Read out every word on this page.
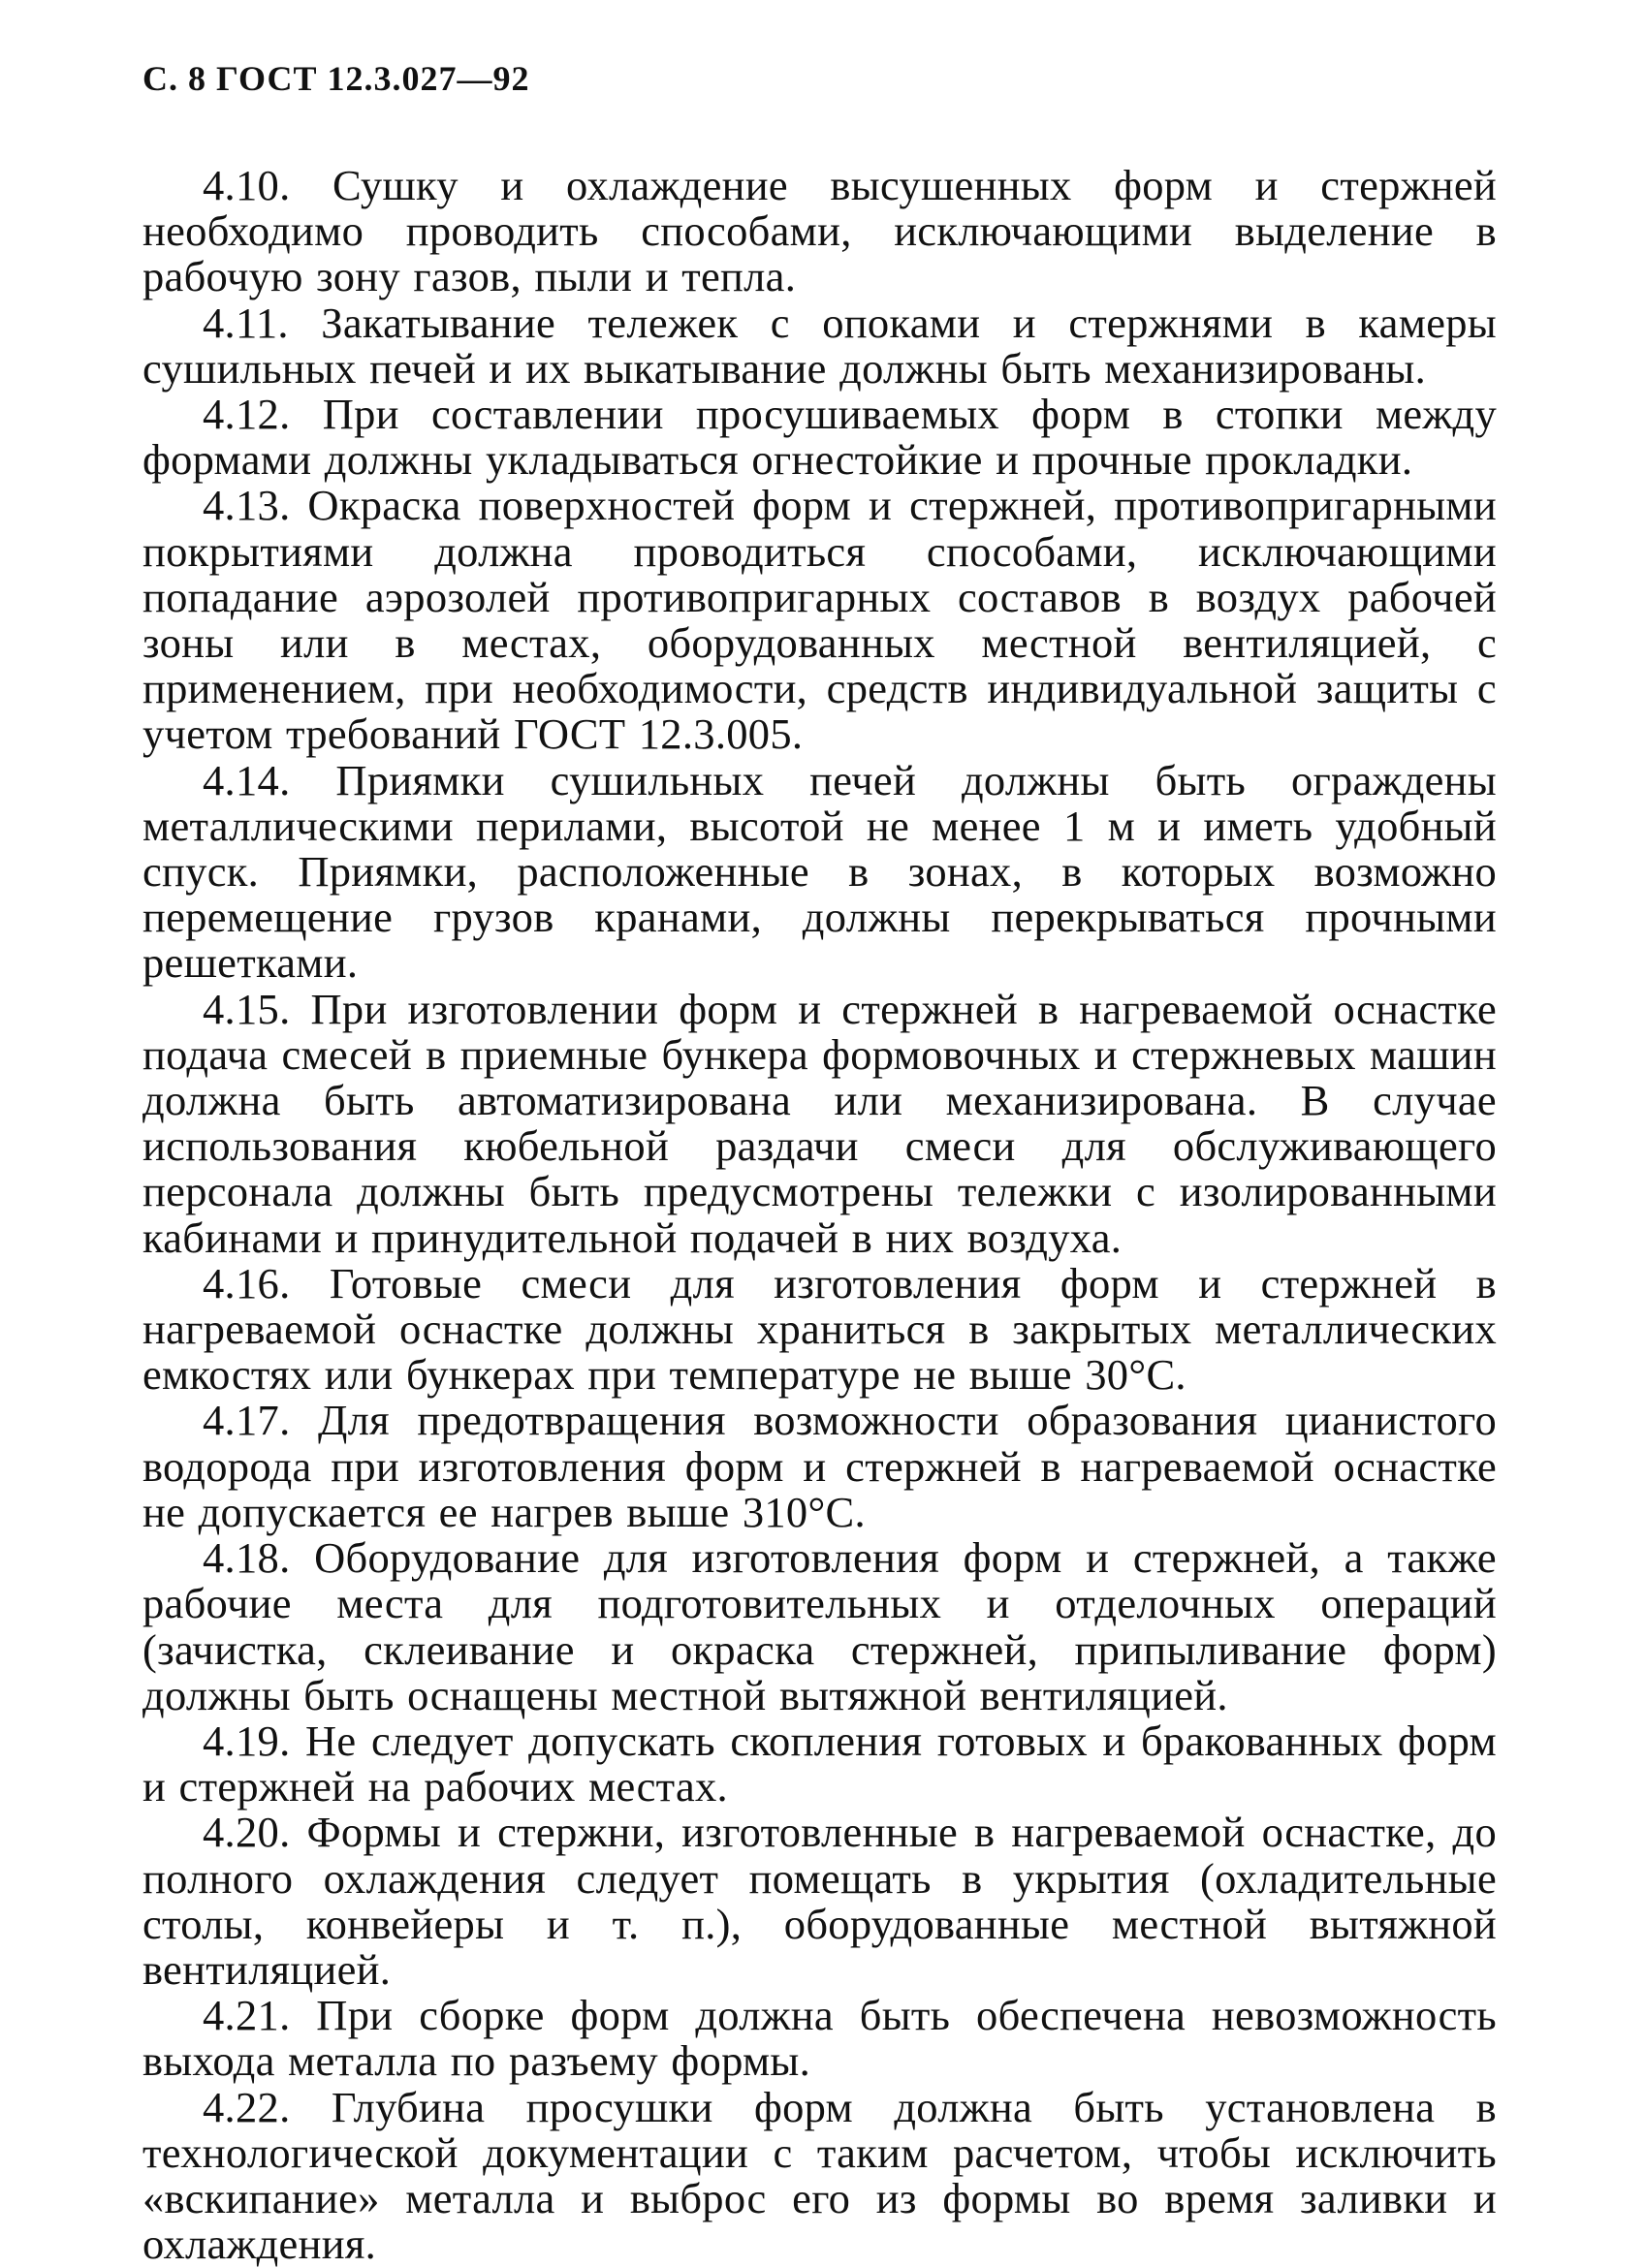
С. 8 ГОСТ 12.3.027—92

4.10. Сушку и охлаждение высушенных форм и стержней необходимо проводить способами, исключающими выделение в рабочую зону газов, пыли и тепла.

4.11. Закатывание тележек с опоками и стержнями в камеры сушильных печей и их выкатывание должны быть механизированы.

4.12. При составлении просушиваемых форм в стопки между формами должны укладываться огнестойкие и прочные прокладки.

4.13. Окраска поверхностей форм и стержней, противопригарными покрытиями должна проводиться способами, исключающими попадание аэрозолей противопригарных составов в воздух рабочей зоны или в местах, оборудованных местной вентиляцией, с применением, при необходимости, средств индивидуальной защиты с учетом требований ГОСТ 12.3.005.

4.14. Приямки сушильных печей должны быть ограждены металлическими перилами, высотой не менее 1 м и иметь удобный спуск. Приямки, расположенные в зонах, в которых возможно перемещение грузов кранами, должны перекрываться прочными решетками.

4.15. При изготовлении форм и стержней в нагреваемой оснастке подача смесей в приемные бункера формовочных и стержневых машин должна быть автоматизирована или механизирована. В случае использования кюбельной раздачи смеси для обслуживающего персонала должны быть предусмотрены тележки с изолированными кабинами и принудительной подачей в них воздуха.

4.16. Готовые смеси для изготовления форм и стержней в нагреваемой оснастке должны храниться в закрытых металлических емкостях или бункерах при температуре не выше 30°С.

4.17. Для предотвращения возможности образования цианистого водорода при изготовления форм и стержней в нагреваемой оснастке не допускается ее нагрев выше 310°С.

4.18. Оборудование для изготовления форм и стержней, а также рабочие места для подготовительных и отделочных операций (зачистка, склеивание и окраска стержней, припыливание форм) должны быть оснащены местной вытяжной вентиляцией.

4.19. Не следует допускать скопления готовых и бракованных форм и стержней на рабочих местах.

4.20. Формы и стержни, изготовленные в нагреваемой оснастке, до полного охлаждения следует помещать в укрытия (охладительные столы, конвейеры и т. п.), оборудованные местной вытяжной вентиляцией.

4.21. При сборке форм должна быть обеспечена невозможность выхода металла по разъему формы.

4.22. Глубина просушки форм должна быть установлена в технологической документации с таким расчетом, чтобы исключить «вскипание» металла и выброс его из формы во время заливки и охлаждения.
